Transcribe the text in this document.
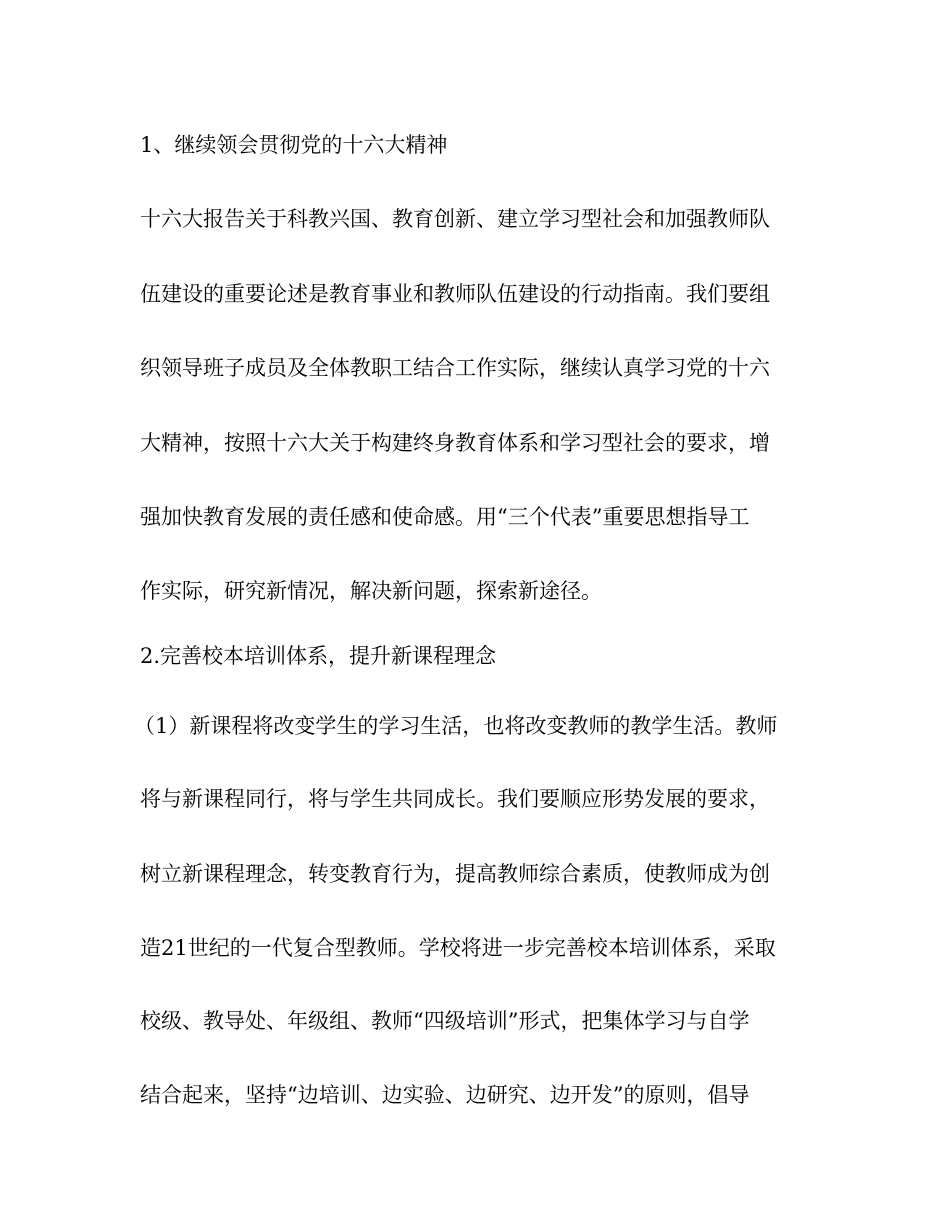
1、继续领会贯彻党的十六大精神

十六大报告关于科教兴国、教育创新、建立学习型社会和加强教师队

伍建设的重要论述是教育事业和教师队伍建设的行动指南。我们要组

织领导班子成员及全体教职工结合工作实际，继续认真学习党的十六

大精神，按照十六大关于构建终身教育体系和学习型社会的要求，增

强加快教育发展的责任感和使命感。用“三个代表”重要思想指导工

作实际，研究新情况，解决新问题，探索新途径。

2.完善校本培训体系，提升新课程理念

（1）新课程将改变学生的学习生活，也将改变教师的教学生活。教师

将与新课程同行，将与学生共同成长。我们要顺应形势发展的要求，

树立新课程理念，转变教育行为，提高教师综合素质，使教师成为创

造21世纪的一代复合型教师。学校将进一步完善校本培训体系，采取

校级、教导处、年级组、教师“四级培训”形式，把集体学习与自学

结合起来，坚持“边培训、边实验、边研究、边开发”的原则，倡导
